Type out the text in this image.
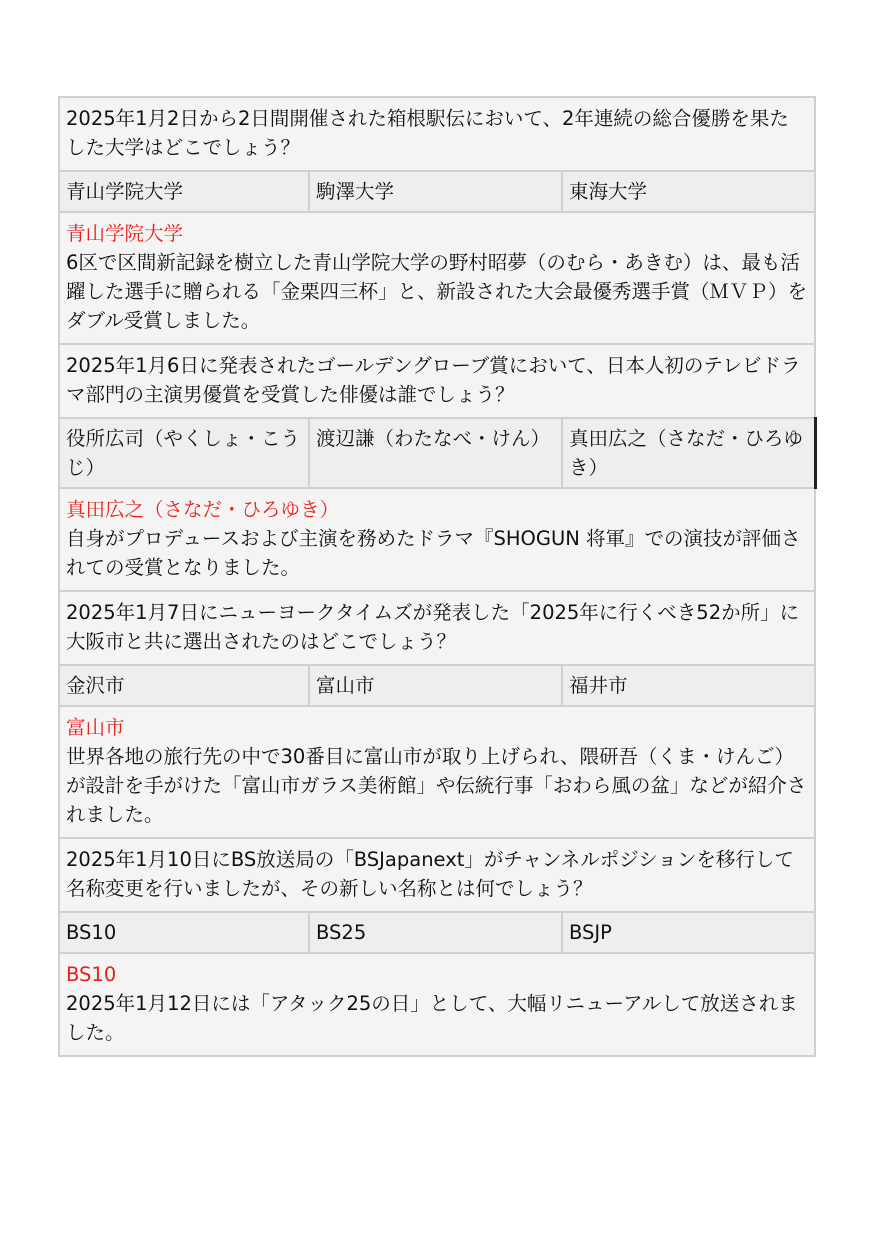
2025年1月2日から2日間開催された箱根駅伝において、2年連続の総合優勝を果たした大学はどこでしょう？		
青山学院大学	駒澤大学	東海大学

青山学院大学
6区で区間新記録を樹立した青山学院大学の野村昭夢（のむら・あきむ）は、最も活躍した選手に贈られる「金栗四三杯」と、新設された大会最優秀選手賞（ＭＶＰ）をダブル受賞しました。		

2025年1月6日に発表されたゴールデングローブ賞において、日本人初のテレビドラマ部門の主演男優賞を受賞した俳優は誰でしょう？		
役所広司（やくしょ・こうじ）	渡辺謙（わたなべ・けん）	真田広之（さなだ・ひろゆき）

真田広之（さなだ・ひろゆき）
自身がプロデュースおよび主演を務めたドラマ『SHOGUN 将軍』での演技が評価されての受賞となりました。		

2025年1月7日にニューヨークタイムズが発表した「2025年に行くべき52か所」に大阪市と共に選出されたのはどこでしょう？		
金沢市	富山市	福井市

富山市
世界各地の旅行先の中で30番目に富山市が取り上げられ、隈研吾（くま・けんご）が設計を手がけた「富山市ガラス美術館」や伝統行事「おわら風の盆」などが紹介されました。		

2025年1月10日にBS放送局の「BSJapanext」がチャンネルポジションを移行して名称変更を行いましたが、その新しい名称とは何でしょう？		
BS10	BS25	BSJP

BS10
2025年1月12日には「アタック25の日」として、大幅リニューアルして放送されました。		
